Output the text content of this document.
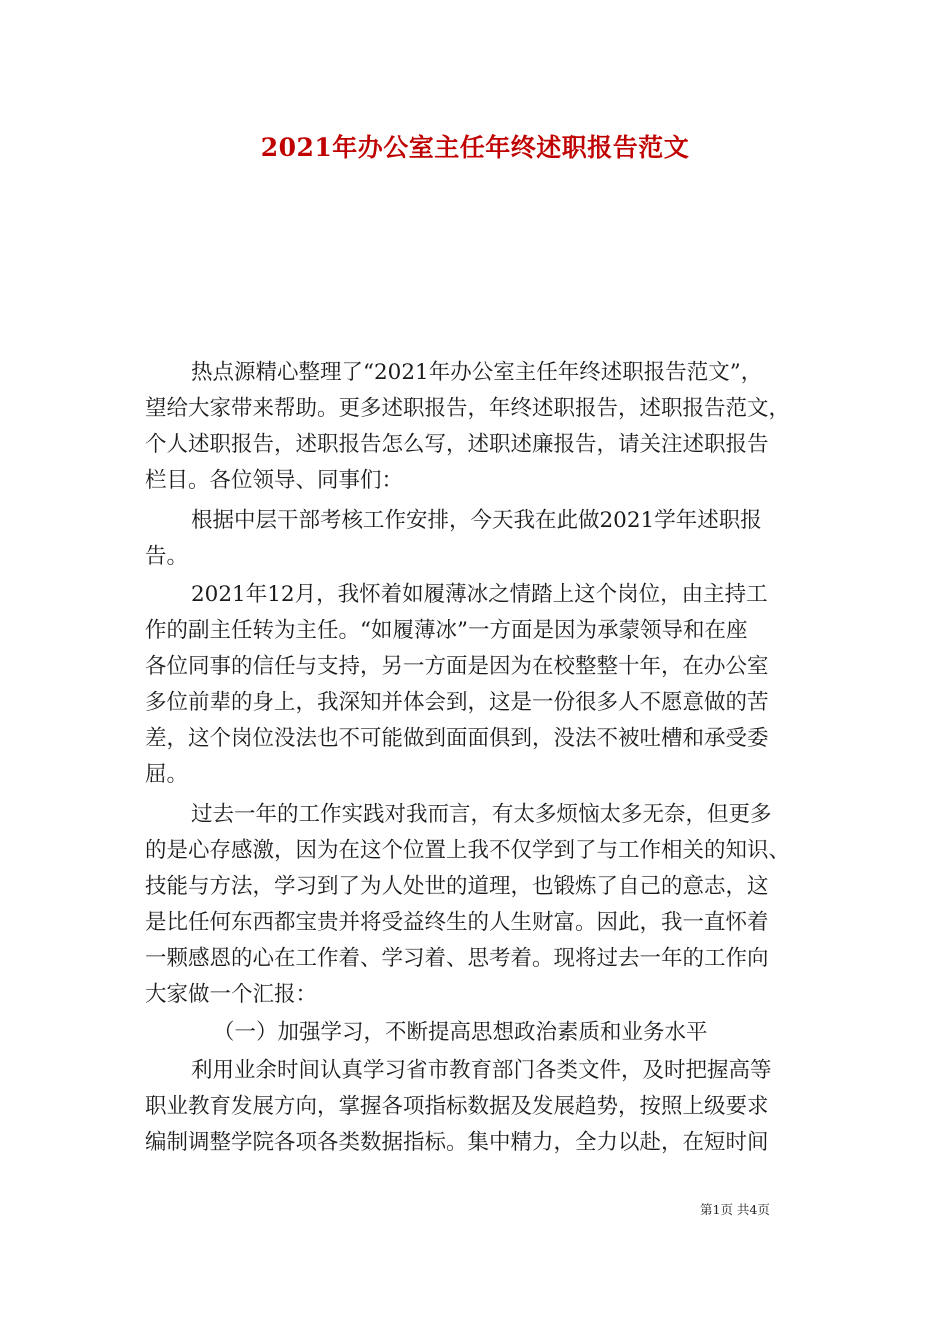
2021年办公室主任年终述职报告范文
热点源精心整理了“2021年办公室主任年终述职报告范文”，
望给大家带来帮助。更多述职报告，年终述职报告，述职报告范文，
个人述职报告，述职报告怎么写，述职述廉报告，请关注述职报告
栏目。各位领导、同事们：
根据中层干部考核工作安排，今天我在此做2021学年述职报
告。
2021年12月，我怀着如履薄冰之情踏上这个岗位，由主持工
作的副主任转为主任。“如履薄冰”一方面是因为承蒙领导和在座
各位同事的信任与支持，另一方面是因为在校整整十年，在办公室
多位前辈的身上，我深知并体会到，这是一份很多人不愿意做的苦
差，这个岗位没法也不可能做到面面俱到，没法不被吐槽和承受委
屈。
过去一年的工作实践对我而言，有太多烦恼太多无奈，但更多
的是心存感激，因为在这个位置上我不仅学到了与工作相关的知识、
技能与方法，学习到了为人处世的道理，也锻炼了自己的意志，这
是比任何东西都宝贵并将受益终生的人生财富。因此，我一直怀着
一颗感恩的心在工作着、学习着、思考着。现将过去一年的工作向
大家做一个汇报：
（一）加强学习，不断提高思想政治素质和业务水平
利用业余时间认真学习省市教育部门各类文件，及时把握高等
职业教育发展方向，掌握各项指标数据及发展趋势，按照上级要求
编制调整学院各项各类数据指标。集中精力，全力以赴，在短时间
第1页 共4页
